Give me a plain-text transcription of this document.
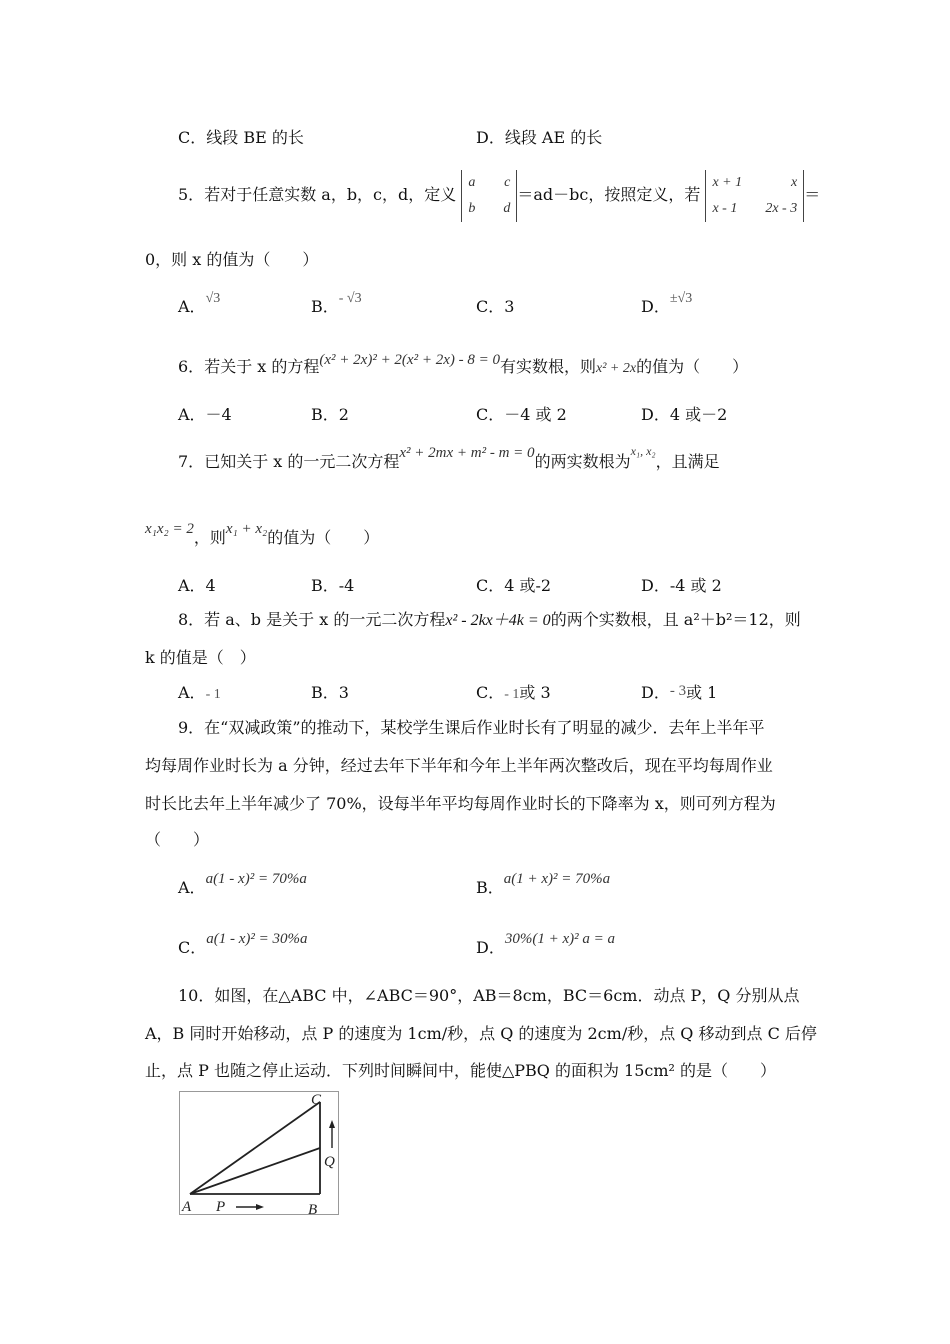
C．线段 BE 的长	D．线段 AE 的长
5．若对于任意实数 a，b，c，d，定义
a c
b d
＝ad－bc，按照定义，若
x + 1	x
x - 1 2x - 3
＝
0，则 x 的值为（　　）
A．√3	B．- √3	C．3	D．±√3
6．若关于 x 的方程(x² + 2x)² + 2(x² + 2x) - 8 = 0有实数根，则x² + 2x的值为（　　）
A．－4	B．2	C．－4 或 2	D．4 或－2
7．已知关于 x 的一元二次方程x² + 2mx + m² - m = 0的两实数根为$^{x_1, x_2}$，且满足
x₁x₂ = 2，则x₁ + x₂的值为（　　）
A．4	B．-4	C．4 或-2	D．-4 或 2
8．若 a、b 是关于 x 的一元二次方程x² - 2kx＋4k = 0的两个实数根，且 a²＋b²＝12，则
k 的值是（　）
A．- 1	B．3	C．- 1或 3	D．- 3或 1
9．在“双减政策”的推动下，某校学生课后作业时长有了明显的减少．去年上半年平
均每周作业时长为 a 分钟，经过去年下半年和今年上半年两次整改后，现在平均每周作业
时长比去年上半年减少了 70%，设每半年平均每周作业时长的下降率为 x，则可列方程为
（　　）
A．a(1 - x)² = 70%a	B．a(1 + x)² = 70%a
C．a(1 - x)² = 30%a	D．30%(1 + x)² a = a
10．如图，在△ABC 中，∠ABC＝90°，AB＝8cm，BC＝6cm．动点 P，Q 分别从点
A，B 同时开始移动，点 P 的速度为 1cm/秒，点 Q 的速度为 2cm/秒，点 Q 移动到点 C 后停
止，点 P 也随之停止运动．下列时间瞬间中，能使△PBQ 的面积为 15cm² 的是（　　）
A P	B
C
Q
